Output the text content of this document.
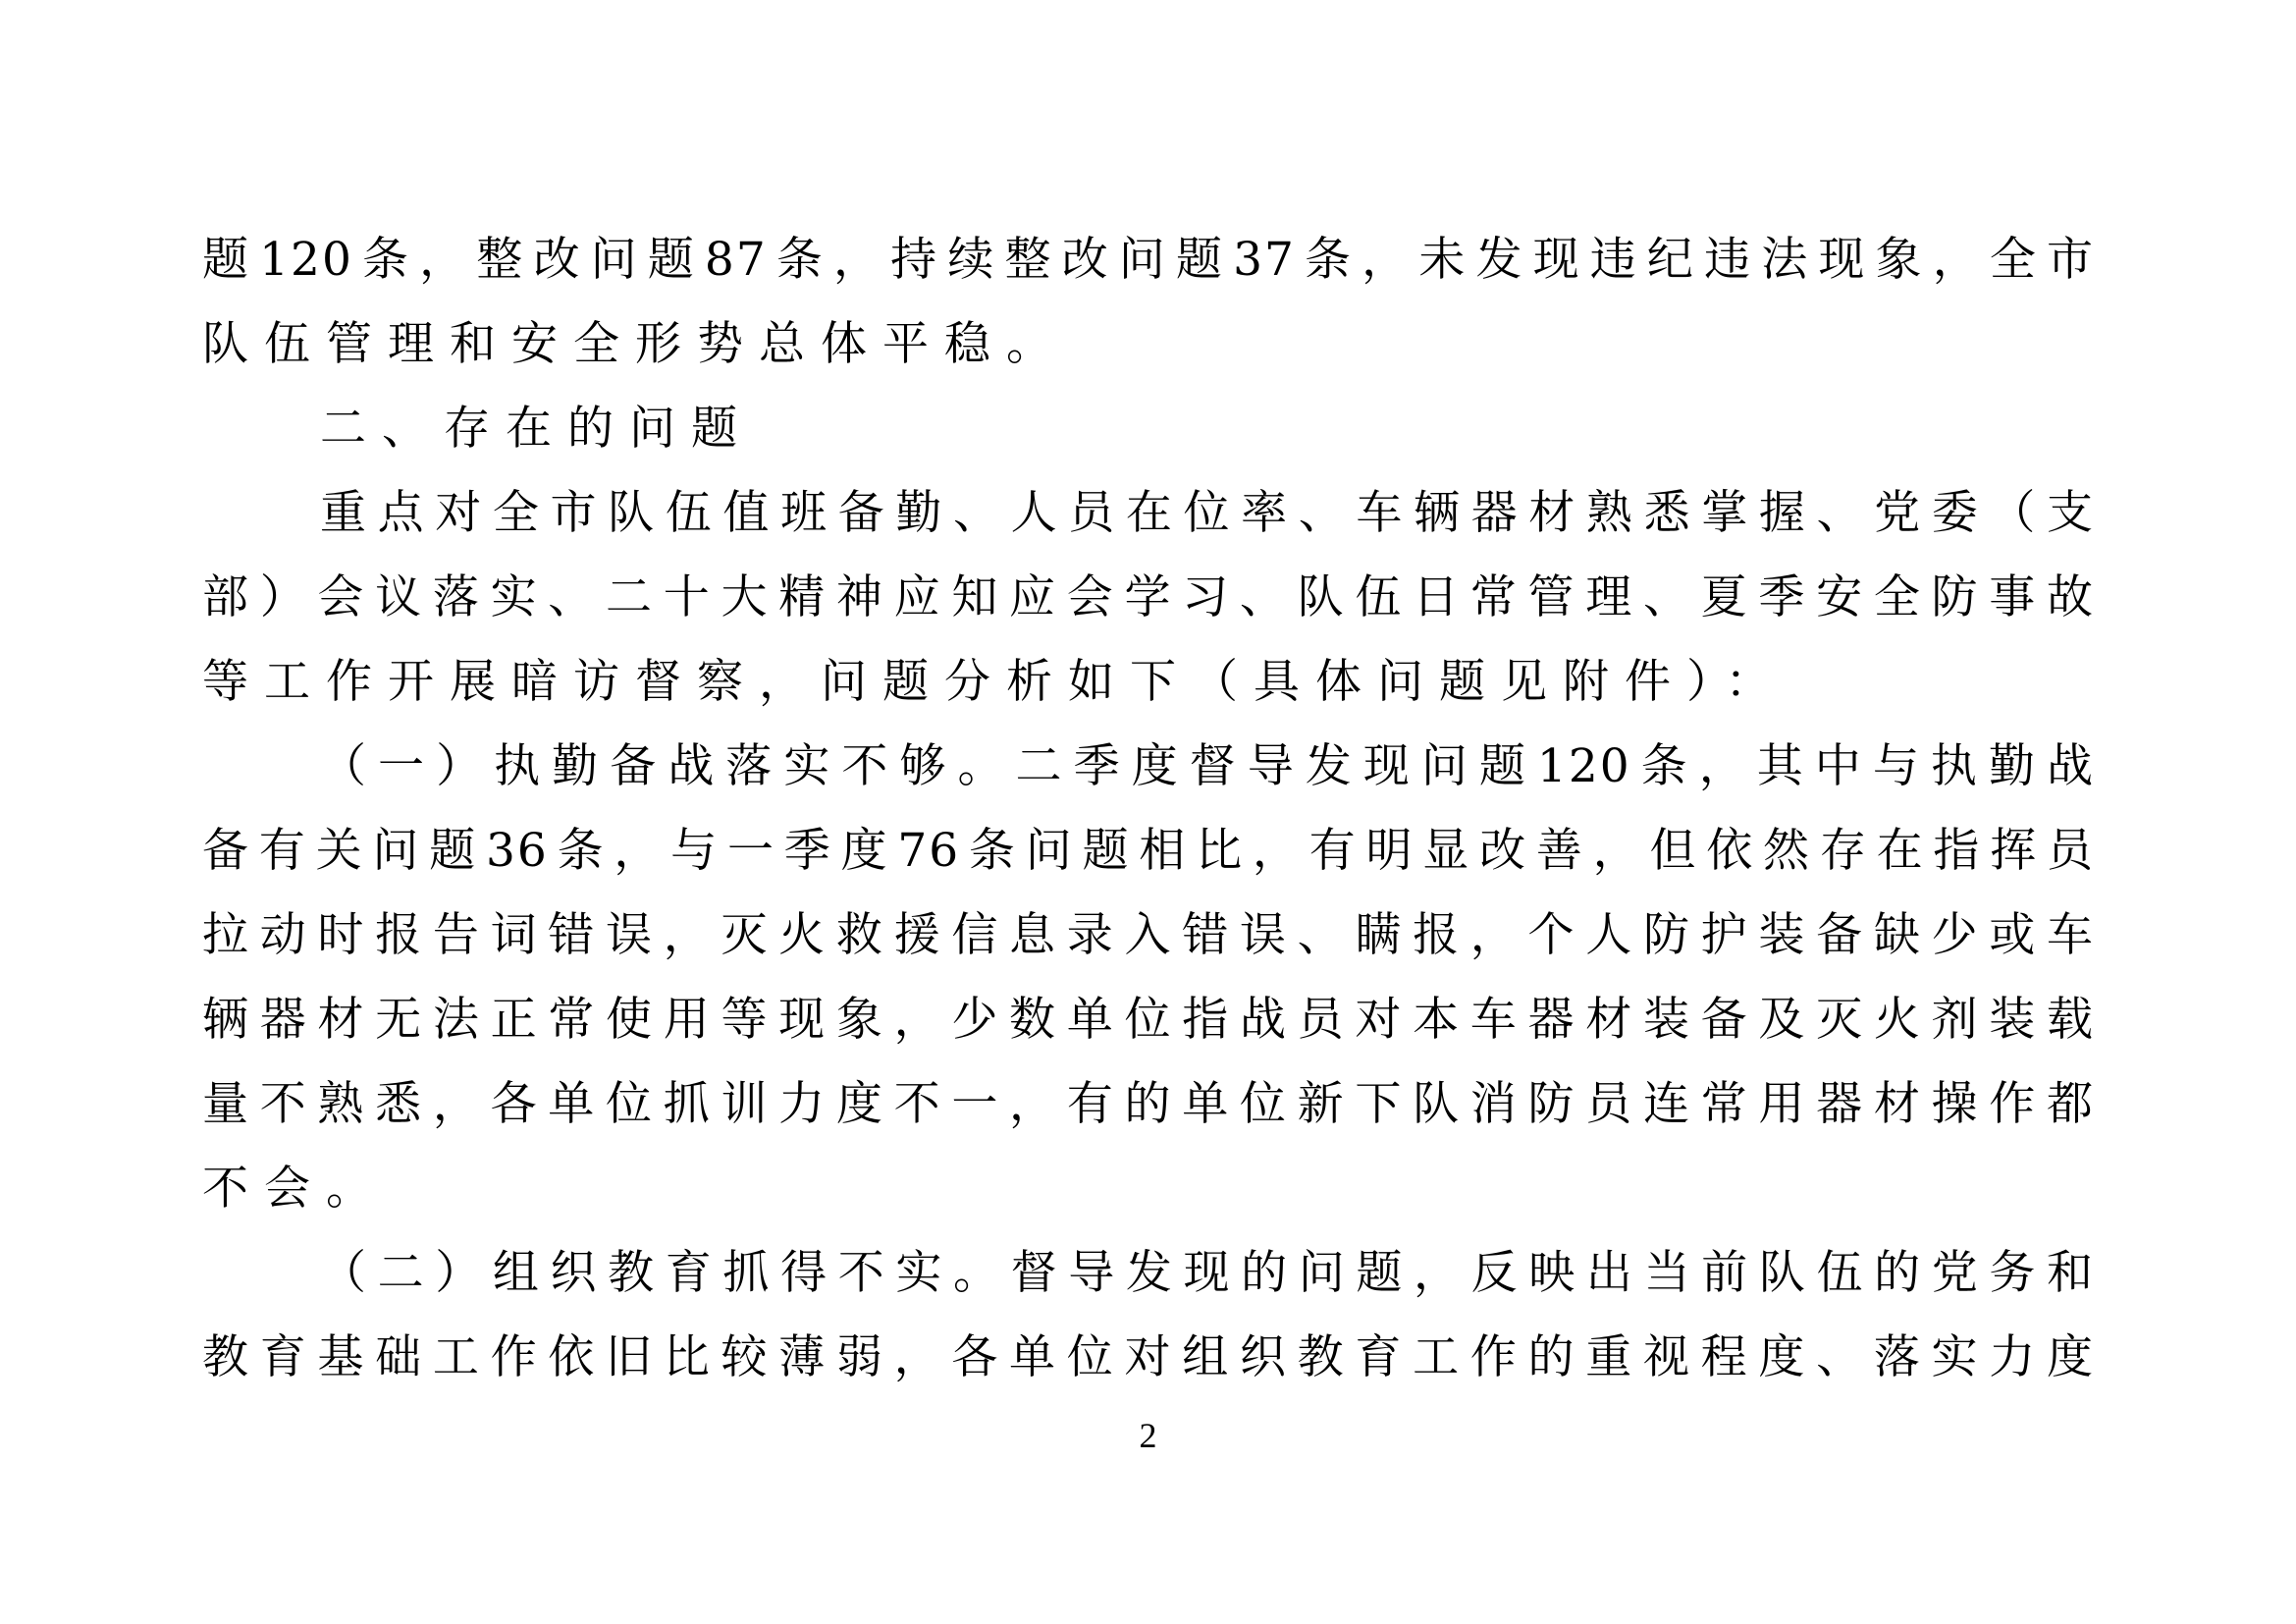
题120条，整改问题87条，持续整改问题37条，未发现违纪违法现象，全市
队伍管理和安全形势总体平稳。
二、存在的问题
重点对全市队伍值班备勤、人员在位率、车辆器材熟悉掌握、党委（支
部）会议落实、二十大精神应知应会学习、队伍日常管理、夏季安全防事故
等工作开展暗访督察，问题分析如下（具体问题见附件）：
（一）执勤备战落实不够。二季度督导发现问题120条，其中与执勤战
备有关问题36条，与一季度76条问题相比，有明显改善，但依然存在指挥员
拉动时报告词错误，灭火救援信息录入错误、瞒报，个人防护装备缺少或车
辆器材无法正常使用等现象，少数单位指战员对本车器材装备及灭火剂装载
量不熟悉，各单位抓训力度不一，有的单位新下队消防员连常用器材操作都
不会。
（二）组织教育抓得不实。督导发现的问题，反映出当前队伍的党务和
教育基础工作依旧比较薄弱，各单位对组织教育工作的重视程度、落实力度
2
